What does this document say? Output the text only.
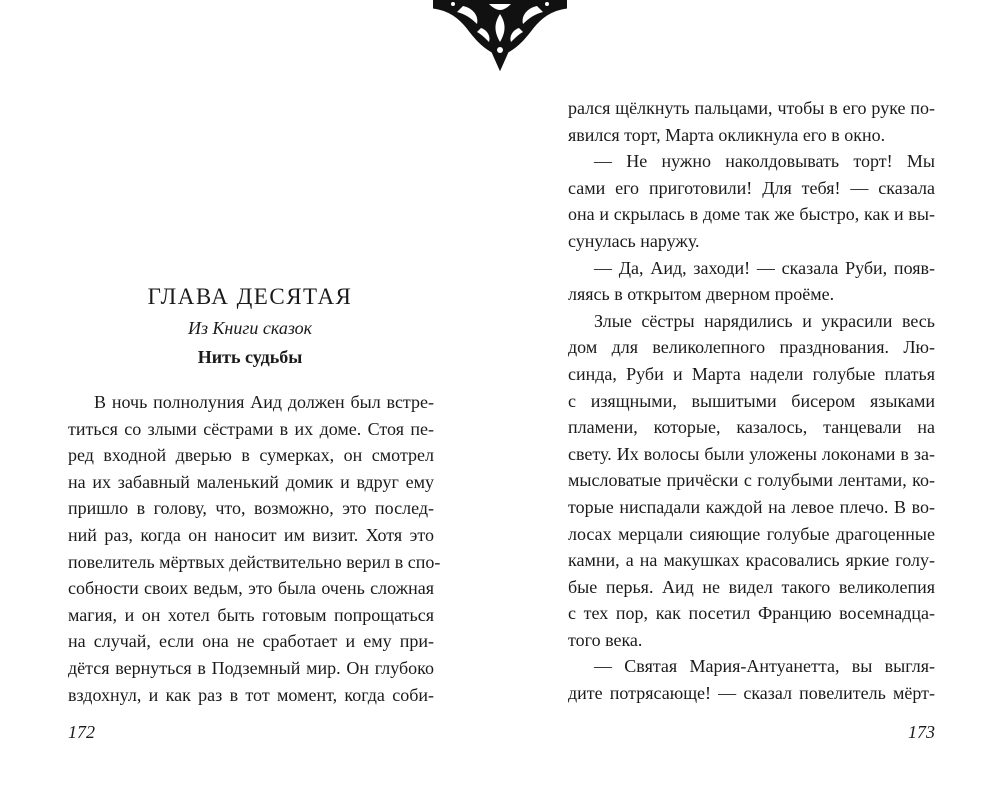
ГЛАВА ДЕСЯТАЯ
Из Книги сказок
Нить судьбы
В ночь полнолуния Аид должен был встре-
титься со злыми сёстрами в их доме. Стоя пе-
ред входной дверью в сумерках, он смотрел
на их забавный маленький домик и вдруг ему
пришло в голову, что, возможно, это послед-
ний раз, когда он наносит им визит. Хотя это
повелитель мёртвых действительно верил в спо-
собности своих ведьм, это была очень сложная
магия, и он хотел быть готовым попрощаться
на случай, если она не сработает и ему при-
дётся вернуться в Подземный мир. Он глубоко
вздохнул, и как раз в тот момент, когда соби-
172
рался щёлкнуть пальцами, чтобы в его руке по-
явился торт, Марта окликнула его в окно.
— Не нужно наколдовывать торт! Мы
сами его приготовили! Для тебя! — сказала
она и скрылась в доме так же быстро, как и вы-
сунулась наружу.
— Да, Аид, заходи! — сказала Руби, появ-
ляясь в открытом дверном проёме.
Злые сёстры нарядились и украсили весь
дом для великолепного празднования. Лю-
синда, Руби и Марта надели голубые платья
с изящными, вышитыми бисером языками
пламени, которые, казалось, танцевали на
свету. Их волосы были уложены локонами в за-
мысловатые причёски с голубыми лентами, ко-
торые ниспадали каждой на левое плечо. В во-
лосах мерцали сияющие голубые драгоценные
камни, а на макушках красовались яркие голу-
бые перья. Аид не видел такого великолепия
с тех пор, как посетил Францию восемнадца-
того века.
— Святая Мария-Антуанетта, вы выгля-
дите потрясающе! — сказал повелитель мёрт-
173
